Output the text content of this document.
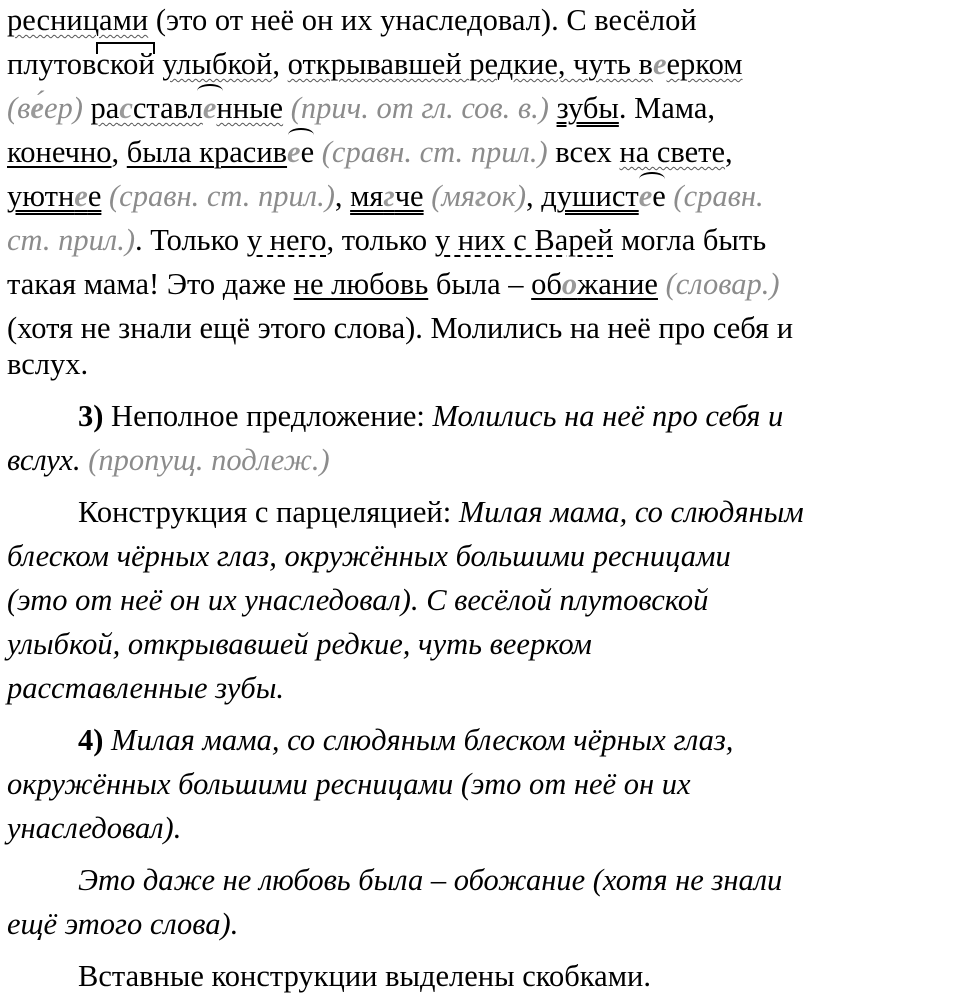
ресницами (это от неё он их унаследовал). С весёлой
плутовской улыбкой, открывавшей редкие, чуть веерком
(ве́ер) расставленные (прич. от гл. сов. в.) зубы. Мама,
конечно, была красивее (сравн. ст. прил.) всех на свете,
уютнее (сравн. ст. прил.), мягче (мягок), душистее (сравн.
ст. прил.). Только у него, только у них с Варей могла быть
такая мама! Это даже не любовь была – обожание (словар.)
(хотя не знали ещё этого слова). Молились на неё про себя и
вслух.
3) Неполное предложение: Молились на неё про себя и
вслух. (пропущ. подлеж.)
Конструкция с парцеляцией: Милая мама, со слюдяным
блеском чёрных глаз, окружённых большими ресницами
(это от неё он их унаследовал). С весёлой плутовской
улыбкой, открывавшей редкие, чуть веерком
расставленные зубы.
4) Милая мама, со слюдяным блеском чёрных глаз,
окружённых большими ресницами (это от неё он их
унаследовал).
Это даже не любовь была – обожание (хотя не знали
ещё этого слова).
Вставные конструкции выделены скобками.
